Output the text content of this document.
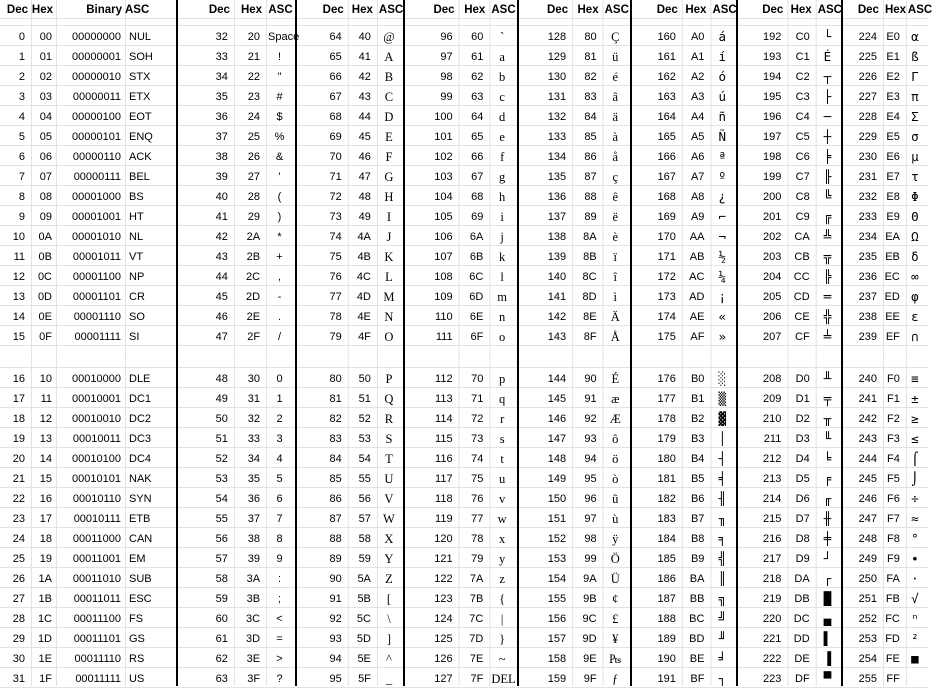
Dec Hex	Binary ASC	Dec Hex ASC	Dec Hex ASC	Dec Hex ASC	Dec Hex ASC	Dec Hex ASC	Dec Hex ASC	Dec Hex ASC
0	00	00000000 NUL
1	01	00000001 SOH
2	02	00000010 STX
3	03	00000011 ETX
4	04	00000100 EOT
5	05	00000101 ENQ
6	06	00000110 ACK
7	07	00000111 BEL
8	08	00001000 BS
9	09	00001001 HT
10	0A	00001010 NL
11	0B	00001011 VT
12	0C	00001100 NP
13	0D	00001101 CR
14	0E	00001110 SO
15	0F	00001111 SI
16	10	00010000 DLE
17	11	00010001 DC1
18	12	00010010 DC2
19	13	00010011 DC3
20	14	00010100 DC4
21	15	00010101 NAK
22	16	00010110 SYN
23	17	00010111 ETB
24	18	00011000 CAN
25	19	00011001 EM
26	1A	00011010 SUB
27	1B	00011011 ESC
28	1C	00011100 FS
29	1D	00011101 GS
30	1E	00011110 RS
31	1F	00011111 US
32	20 Space
33	21	!
34	22	"
35	23	#
36	24	$
37	25	%
38	26	&
39	27	'
40	28	(
41	29	)
42	2A	*
43	2B	+
44	2C	,
45	2D	-
46	2E	.
47	2F	/
48	30	0
49	31	1
50	32	2
51	33	3
52	34	4
53	35	5
54	36	6
55	37	7
56	38	8
57	39	9
58	3A	:
59	3B	;
60	3C	<
61	3D	=
62	3E	>
63	3F	?
64	40 @
65	41	A
66	42	B
67	43	C
68	44	D
69	45	E
70	46	F
71	47	G
72	48	H
73	49	I
74	4A	J
75	4B	K
76	4C	L
77	4D M
78	4E	N
79	4F	O
80	50	P
81	51	Q
82	52	R
83	53	S
84	54	T
85	55	U
86	56	V
87	57 W
88	58	X
89	59	Y
90	5A	Z
91	5B	[
92	5C	\
93	5D	]
94	5E	^
95	5F	_
96	60	`
97	61	a
98	62	b
99	63	c
100	64	d
101	65	e
102	66	f
103	67	g
104	68	h
105	69	i
106	6A	j
107	6B	k
108	6C	l
109	6D	m
110	6E	n
111	6F	o
112	70	p
113	71	q
114	72	r
115	73	s
116	74	t
117	75	u
118	76	v
119	77	w
120	78	x
121	79	y
122	7A	z
123	7B	{
124	7C	|
125	7D	}
126	7E	~
127	7F DEL
128	80	Ç
129	81	ü
130	82	é
131	83	â
132	84	ä
133	85	à
134	86	å
135	87	ç
136	88	ê
137	89	ë
138	8A	è
139	8B	ï
140	8C	î
141	8D	ì
142	8E	Ä
143	8F	Å
144	90	É
145	91	æ
146	92	Æ
147	93	ô
148	94	ö
149	95	ò
150	96	û
151	97	ù
152	98	ÿ
153	99	Ö
154	9A	Ü
155	9B	¢
156	9C	£
157	9D	¥
158	9E	₧
159	9F	ƒ
160	A0	á
161	A1	í
162	A2	ó
163	A3	ú
164	A4	ñ
165	A5	Ñ
166	A6	ª
167	A7	º
168	A8	¿
169	A9	⌐
170	AA	¬
171	AB	½
172	AC	¼
173	AD	¡
174	AE	«
175	AF	»
176	B0	░
177	B1	▒
178	B2	▓
179	B3	│
180	B4	┤
181	B5	╡
182	B6	╢
183	B7	╖
184	B8	╕
185	B9	╣
186	BA	║
187	BB	╗
188	BC	╝
189	BD	╜
190	BE	╛
191	BF	┐
192	C0	└
193	C1	É
194	C2	┬
195	C3	├
196	C4	─
197	C5	┼
198	C6	╞
199	C7	╟
200	C8	╚
201	C9	╔
202	CA	╩
203	CB	╦
204	CC	╠
205	CD	═
206	CE	╬
207	CF	╧
208	D0	╨
209	D1	╤
210	D2	╥
211	D3	╙
212	D4	╘
213	D5	╒
214	D6	╓
215	D7	╫
216	D8	╪
217	D9	┘
218	DA	┌
219	DB	█
220	DC	▄
221	DD	▌
222	DE	▐
223	DF	▀
224 E0 α
225 E1 ß
226 E2 Γ
227 E3 π
228 E4 Σ
229 E5 σ
230 E6 µ
231 E7 τ
232 E8 Φ
233 E9 Θ
234 EA Ω
235 EB δ
236 EC ∞
237 ED φ
238 EE ε
239 EF ∩
240 F0 ≡
241 F1 ±
242 F2 ≥
243 F3 ≤
244 F4 ⌠
245 F5 ⌡
246 F6 ÷
247 F7 ≈
248 F8 °
249 F9 ∙
250 FA ·
251 FB √
252 FC ⁿ
253 FD ²
254 FE ■
255 FF
